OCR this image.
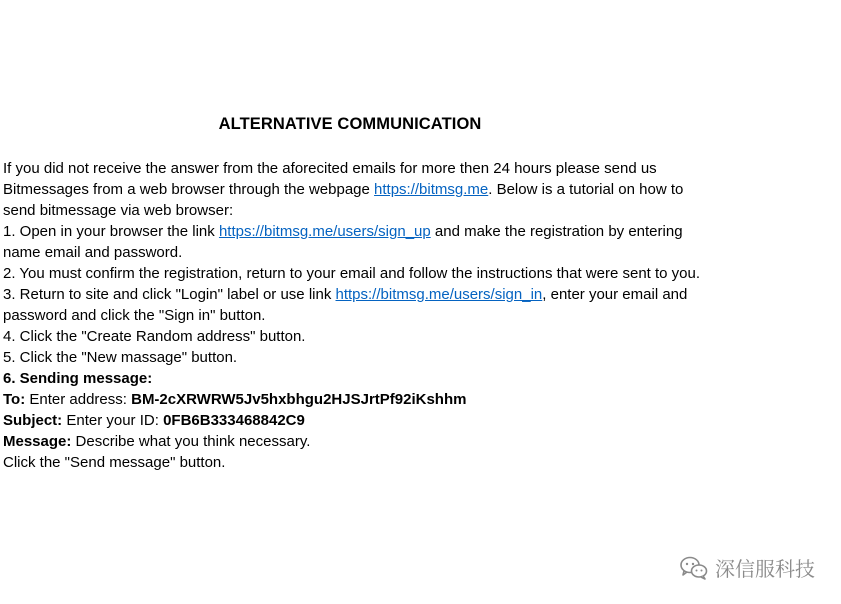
ALTERNATIVE COMMUNICATION

If you did not receive the answer from the aforecited emails for more then 24 hours please send us Bitmessages from a web browser through the webpage https://bitmsg.me. Below is a tutorial on how to send bitmessage via web browser:

1. Open in your browser the link https://bitmsg.me/users/sign_up and make the registration by entering name email and password.

2. You must confirm the registration, return to your email and follow the instructions that were sent to you.

3. Return to site and click "Login" label or use link https://bitmsg.me/users/sign_in, enter your email and password and click the "Sign in" button.

4. Click the "Create Random address" button.

5. Click the "New massage" button.

6. Sending message:

To: Enter address: BM-2cXRWRW5Jv5hxbhgu2HJSJrtPf92iKshhm

Subject: Enter your ID: 0FB6B333468842C9

Message: Describe what you think necessary.

Click the "Send message" button.

深信服科技
